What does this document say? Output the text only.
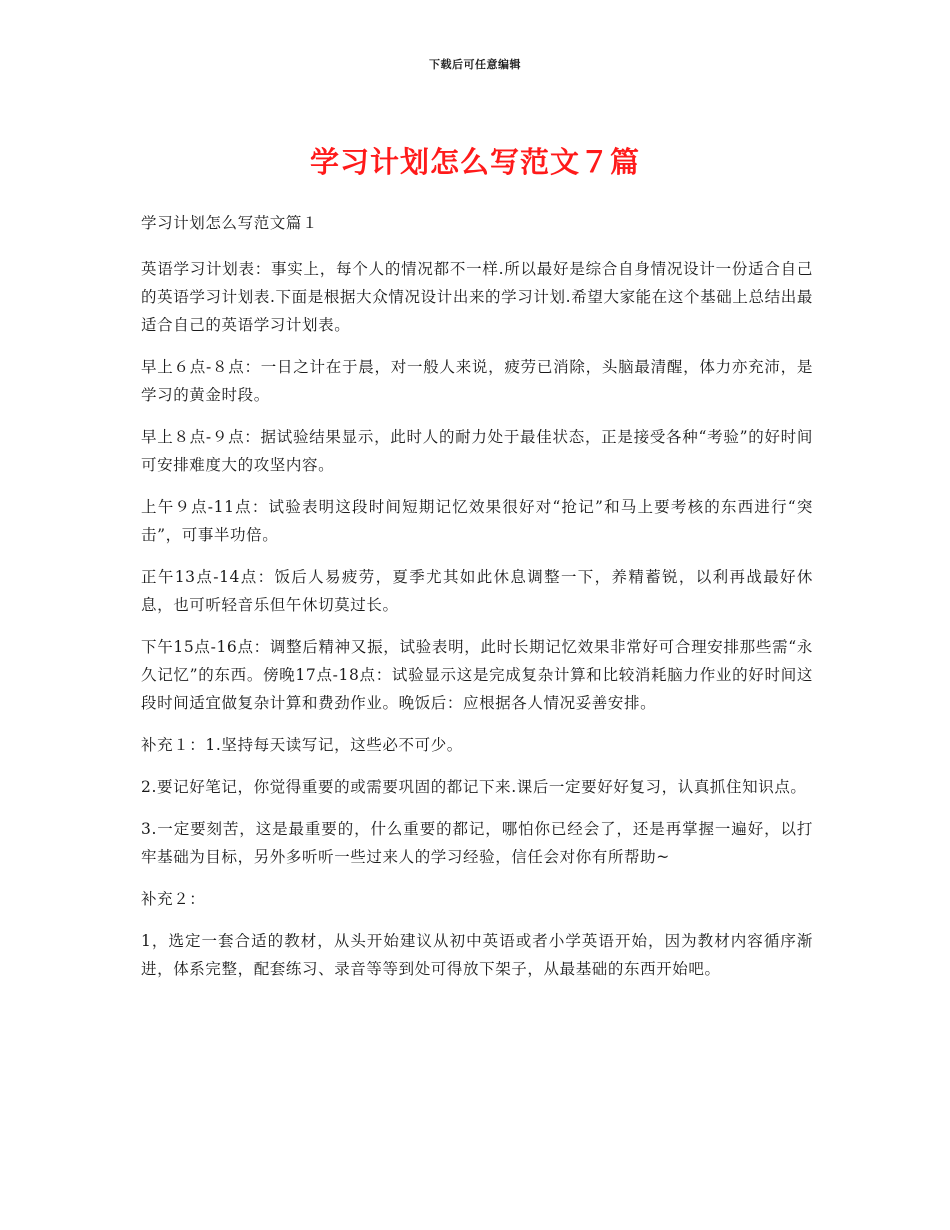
下载后可任意编辑
学习计划怎么写范文７篇

学习计划怎么写范文篇１

英语学习计划表：事实上，每个人的情况都不一样.所以最好是综合自身情况设计一份适合自己的英语学习计划表.下面是根据大众情况设计出来的学习计划.希望大家能在这个基础上总结出最适合自己的英语学习计划表。

早上６点-８点：一日之计在于晨，对一般人来说，疲劳已消除，头脑最清醒，体力亦充沛，是学习的黄金时段。

早上８点-９点：据试验结果显示，此时人的耐力处于最佳状态，正是接受各种“考验”的好时间可安排难度大的攻坚内容。

上午９点-11点：试验表明这段时间短期记忆效果很好对“抢记”和马上要考核的东西进行“突击”，可事半功倍。

正午13点-14点：饭后人易疲劳，夏季尤其如此休息调整一下，养精蓄锐，以利再战最好休息，也可听轻音乐但午休切莫过长。

下午15点-16点：调整后精神又振，试验表明，此时长期记忆效果非常好可合理安排那些需“永久记忆”的东西。傍晚17点-18点：试验显示这是完成复杂计算和比较消耗脑力作业的好时间这段时间适宜做复杂计算和费劲作业。晚饭后：应根据各人情况妥善安排。

补充１：1.坚持每天读写记，这些必不可少。

2.要记好笔记，你觉得重要的或需要巩固的都记下来.课后一定要好好复习，认真抓住知识点。

3.一定要刻苦，这是最重要的，什么重要的都记，哪怕你已经会了，还是再掌握一遍好，以打牢基础为目标，另外多听听一些过来人的学习经验，信任会对你有所帮助~

补充２：

1，选定一套合适的教材，从头开始建议从初中英语或者小学英语开始，因为教材内容循序渐进，体系完整，配套练习、录音等等到处可得放下架子，从最基础的东西开始吧。
